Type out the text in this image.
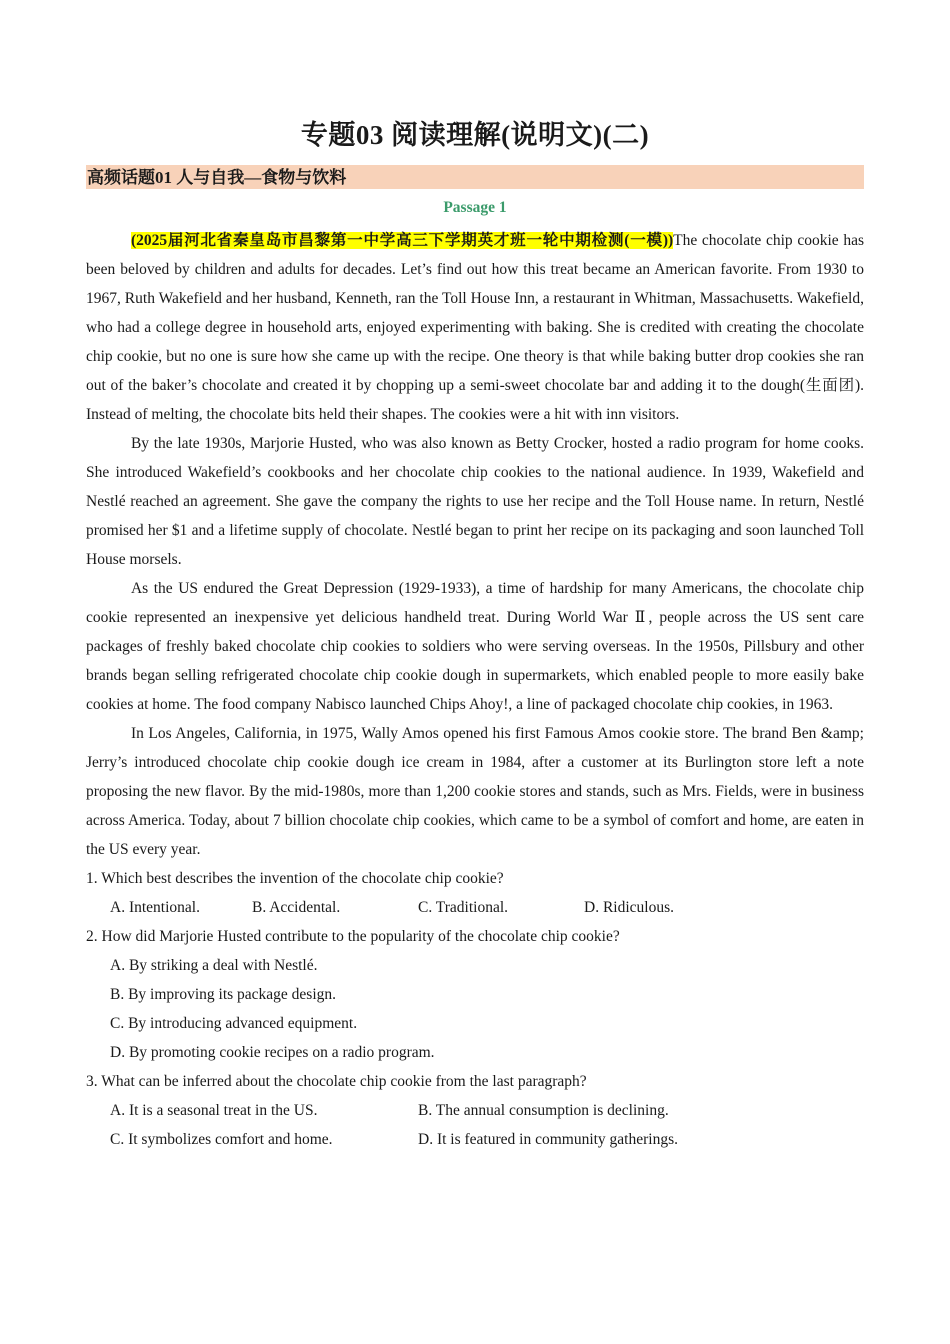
专题03 阅读理解(说明文)(二)
高频话题01 人与自我—食物与饮料
Passage 1

(2025届河北省秦皇岛市昌黎第一中学高三下学期英才班一轮中期检测(一模))The chocolate chip cookie has been beloved by children and adults for decades. Let’s find out how this treat became an American favorite. From 1930 to 1967, Ruth Wakefield and her husband, Kenneth, ran the Toll House Inn, a restaurant in Whitman, Massachusetts. Wakefield, who had a college degree in household arts, enjoyed experimenting with baking. She is credited with creating the chocolate chip cookie, but no one is sure how she came up with the recipe. One theory is that while baking butter drop cookies she ran out of the baker’s chocolate and created it by chopping up a semi-sweet chocolate bar and adding it to the dough(生面团). Instead of melting, the chocolate bits held their shapes. The cookies were a hit with inn visitors.

By the late 1930s, Marjorie Husted, who was also known as Betty Crocker, hosted a radio program for home cooks. She introduced Wakefield’s cookbooks and her chocolate chip cookies to the national audience. In 1939, Wakefield and Nestlé reached an agreement. She gave the company the rights to use her recipe and the Toll House name. In return, Nestlé promised her $1 and a lifetime supply of chocolate. Nestlé began to print her recipe on its packaging and soon launched Toll House morsels.

As the US endured the Great Depression (1929-1933), a time of hardship for many Americans, the chocolate chip cookie represented an inexpensive yet delicious handheld treat. During World War Ⅱ, people across the US sent care packages of freshly baked chocolate chip cookies to soldiers who were serving overseas. In the 1950s, Pillsbury and other brands began selling refrigerated chocolate chip cookie dough in supermarkets, which enabled people to more easily bake cookies at home. The food company Nabisco launched Chips Ahoy!, a line of packaged chocolate chip cookies, in 1963.

In Los Angeles, California, in 1975, Wally Amos opened his first Famous Amos cookie store. The brand Ben &amp; Jerry’s introduced chocolate chip cookie dough ice cream in 1984, after a customer at its Burlington store left a note proposing the new flavor. By the mid-1980s, more than 1,200 cookie stores and stands, such as Mrs. Fields, were in business across America. Today, about 7 billion chocolate chip cookies, which came to be a symbol of comfort and home, are eaten in the US every year.

1. Which best describes the invention of the chocolate chip cookie?

A. Intentional.	B. Accidental.	C. Traditional.	D. Ridiculous.

2. How did Marjorie Husted contribute to the popularity of the chocolate chip cookie?

A. By striking a deal with Nestlé.
B. By improving its package design.
C. By introducing advanced equipment.
D. By promoting cookie recipes on a radio program.

3. What can be inferred about the chocolate chip cookie from the last paragraph?

A. It is a seasonal treat in the US.	B. The annual consumption is declining.
C. It symbolizes comfort and home.	D. It is featured in community gatherings.
